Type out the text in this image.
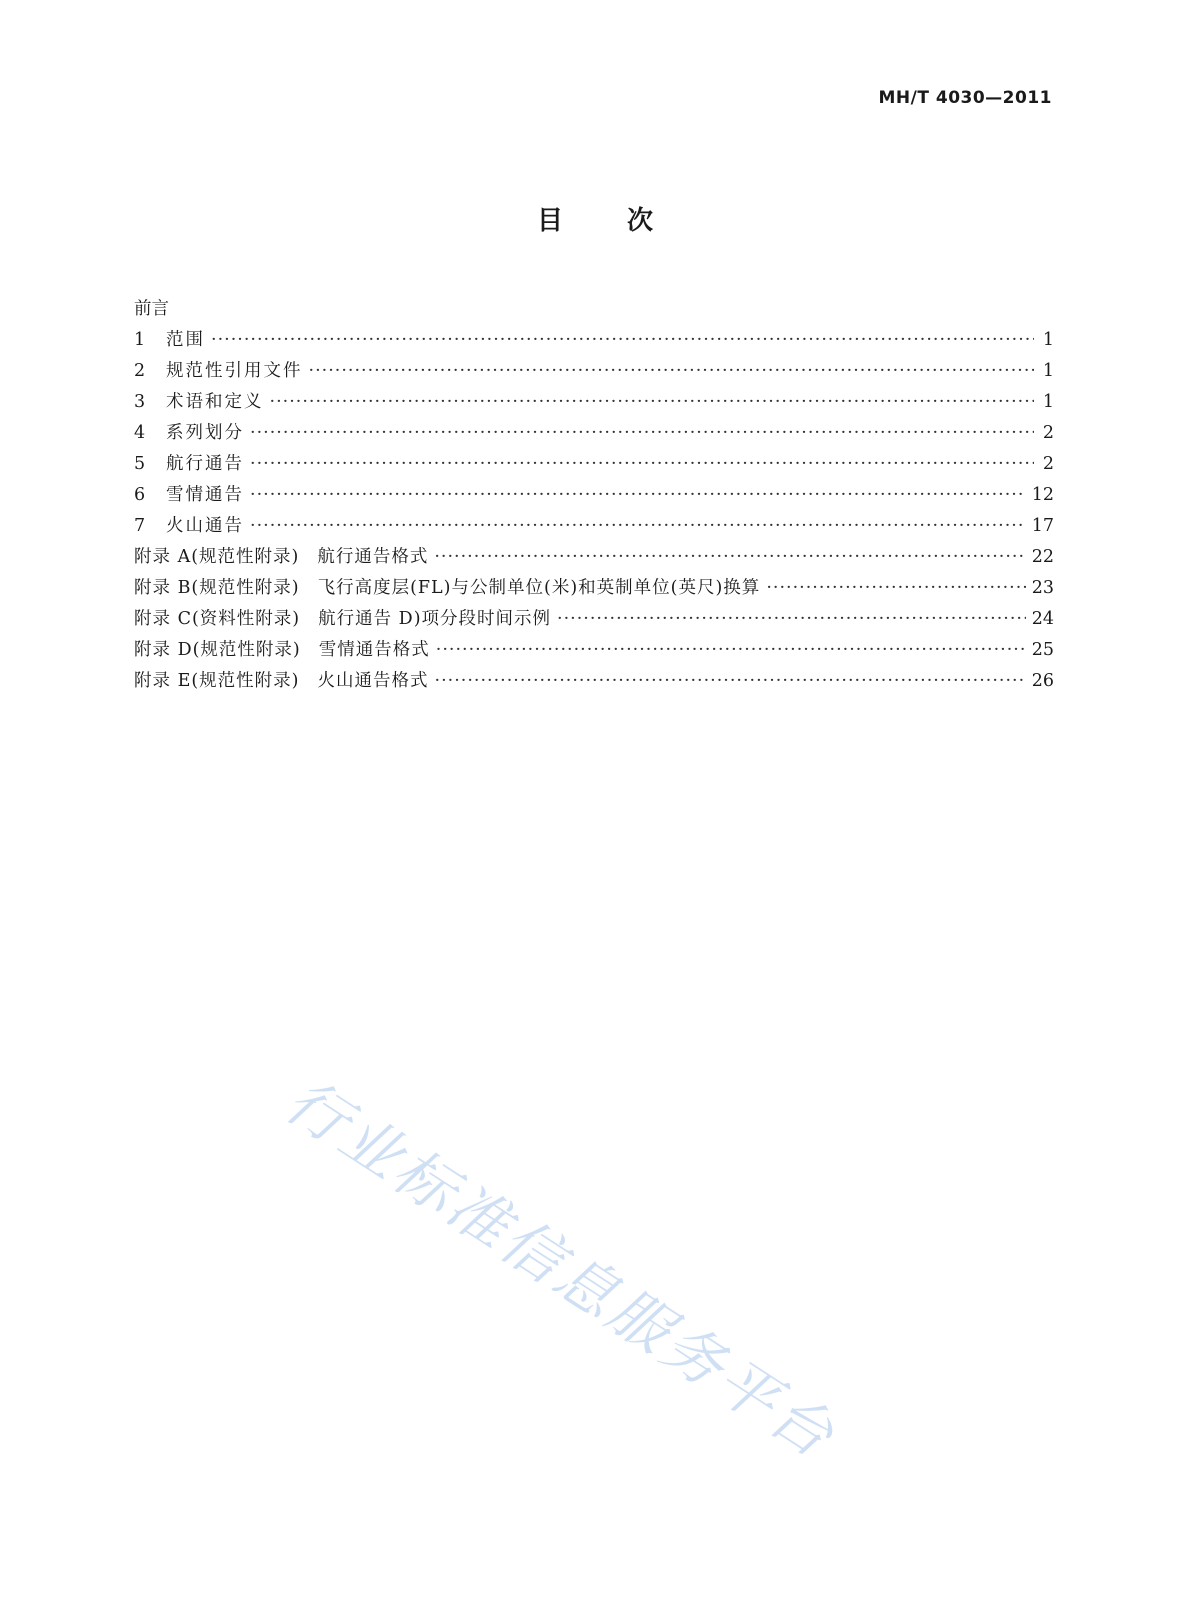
MH/T 4030—2011
目 次
前言
1	范围 ·····	1
2	规范性引用文件 ·····	1
3	术语和定义 ·····	1
4	系列划分 ·····	2
5	航行通告 ·····	2
6	雪情通告 ·····	12
7	火山通告 ·····	17
附录 A(规范性附录) 航行通告格式 ·····	22
附录 B(规范性附录) 飞行高度层(FL)与公制单位(米)和英制单位(英尺)换算 ·····	23
附录 C(资料性附录) 航行通告 D)项分段时间示例 ·····	24
附录 D(规范性附录) 雪情通告格式 ·····	25
附录 E(规范性附录) 火山通告格式 ·····	26
行业标准信息服务平台
